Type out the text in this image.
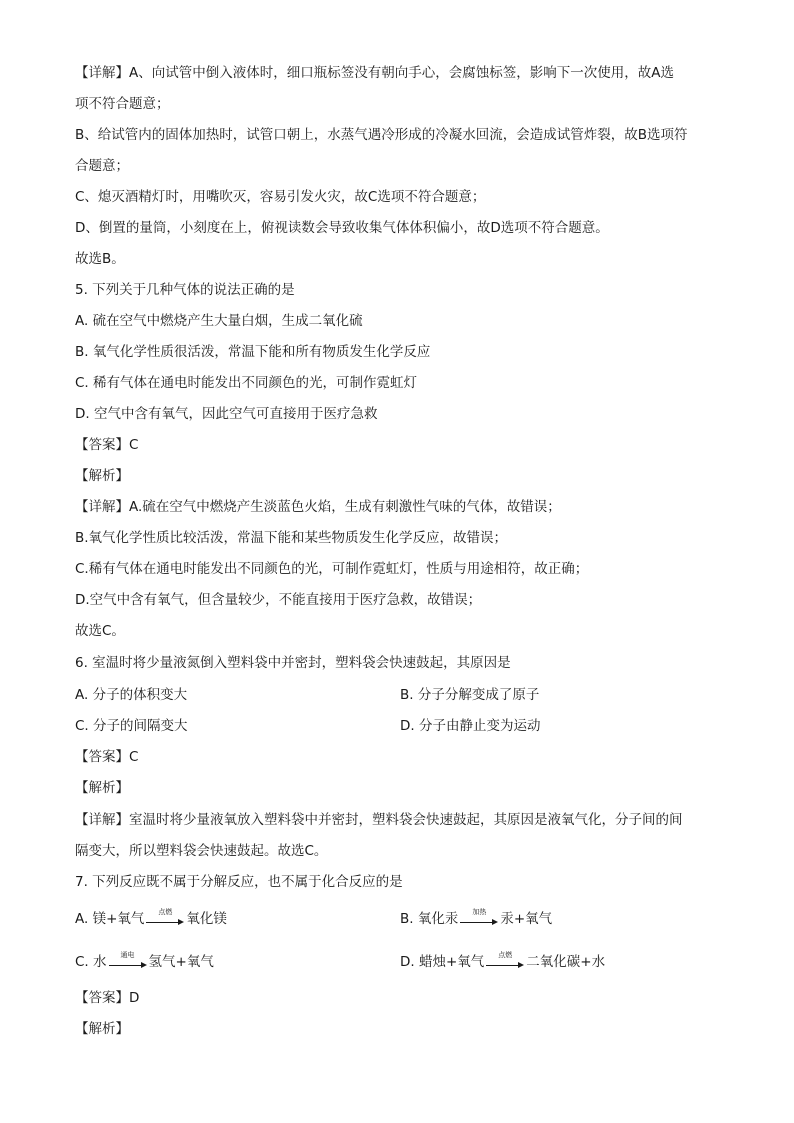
【详解】A、向试管中倒入液体时，细口瓶标签没有朝向手心，会腐蚀标签，影响下一次使用，故A选
项不符合题意；
B、给试管内的固体加热时，试管口朝上，水蒸气遇冷形成的冷凝水回流，会造成试管炸裂，故B选项符
合题意；
C、熄灭酒精灯时，用嘴吹灭，容易引发火灾，故C选项不符合题意；
D、倒置的量筒，小刻度在上，俯视读数会导致收集气体体积偏小，故D选项不符合题意。
故选B。
5. 下列关于几种气体的说法正确的是
A. 硫在空气中燃烧产生大量白烟，生成二氧化硫
B. 氧气化学性质很活泼，常温下能和所有物质发生化学反应
C. 稀有气体在通电时能发出不同颜色的光，可制作霓虹灯
D. 空气中含有氧气，因此空气可直接用于医疗急救
【答案】C
【解析】
【详解】A.硫在空气中燃烧产生淡蓝色火焰，生成有刺激性气味的气体，故错误；
B.氧气化学性质比较活泼，常温下能和某些物质发生化学反应，故错误；
C.稀有气体在通电时能发出不同颜色的光，可制作霓虹灯，性质与用途相符，故正确；
D.空气中含有氧气，但含量较少，不能直接用于医疗急救，故错误；
故选C。
6. 室温时将少量液氮倒入塑料袋中并密封，塑料袋会快速鼓起，其原因是
A. 分子的体积变大	B. 分子分解变成了原子
C. 分子的间隔变大	D. 分子由静止变为运动
【答案】C
【解析】
【详解】室温时将少量液氧放入塑料袋中并密封，塑料袋会快速鼓起，其原因是液氧气化，分子间的间
隔变大，所以塑料袋会快速鼓起。故选C。
7. 下列反应既不属于分解反应，也不属于化合反应的是
A. 镁+氧气	点燃	氧化镁	B. 氧化汞	加热	汞+氧气
C. 水	通电	氢气+氧气	D. 蜡烛+氧气	点燃	二氧化碳+水
【答案】D
【解析】
